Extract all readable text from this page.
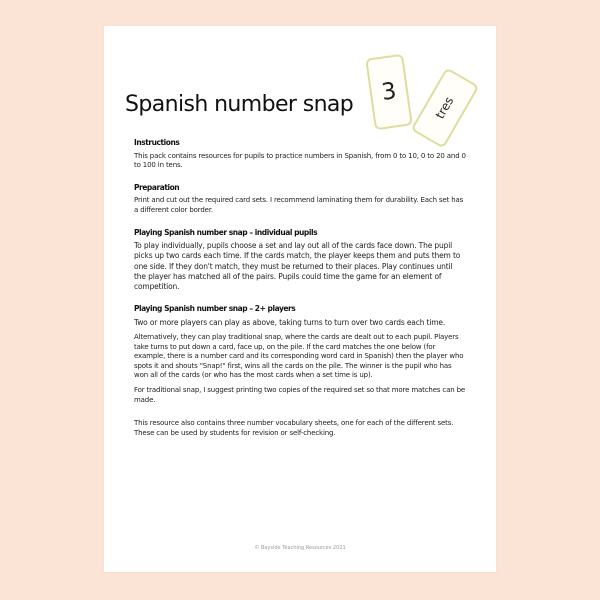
Spanish number snap 3
tres
Instructions

This pack contains resources for pupils to practice numbers in Spanish, from 0 to 10, 0 to 20 and 0 to 100 in tens.

Preparation

Print and cut out the required card sets. I recommend laminating them for durability. Each set has a different color border.

Playing Spanish number snap – individual pupils

To play individually, pupils choose a set and lay out all of the cards face down. The pupil picks up two cards each time. If the cards match, the player keeps them and puts them to one side. If they don't match, they must be returned to their places. Play continues until the player has matched all of the pairs. Pupils could time the game for an element of competition.

Playing Spanish number snap – 2+ players

Two or more players can play as above, taking turns to turn over two cards each time.

Alternatively, they can play traditional snap, where the cards are dealt out to each pupil. Players take turns to put down a card, face up, on the pile. If the card matches the one below (for example, there is a number card and its corresponding word card in Spanish) then the player who spots it and shouts "Snap!" first, wins all the cards on the pile. The winner is the pupil who has won all of the cards (or who has the most cards when a set time is up).

For traditional snap, I suggest printing two copies of the required set so that more matches can be made.

This resource also contains three number vocabulary sheets, one for each of the different sets. These can be used by students for revision or self-checking.

© Bayside Teaching Resources 2021
